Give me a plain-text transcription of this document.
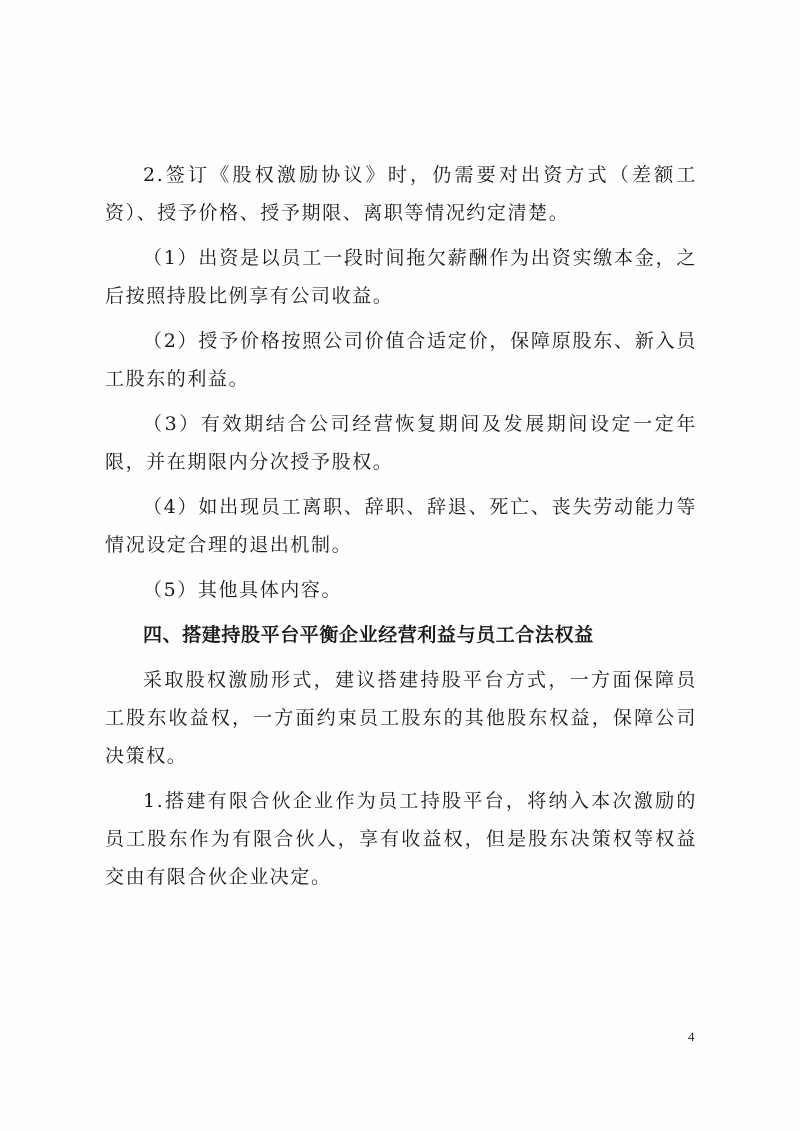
2.签订《股权激励协议》时，仍需要对出资方式（差额工资）、授予价格、授予期限、离职等情况约定清楚。

（1）出资是以员工一段时间拖欠薪酬作为出资实缴本金，之后按照持股比例享有公司收益。

（2）授予价格按照公司价值合适定价，保障原股东、新入员工股东的利益。

（3）有效期结合公司经营恢复期间及发展期间设定一定年限，并在期限内分次授予股权。

（4）如出现员工离职、辞职、辞退、死亡、丧失劳动能力等情况设定合理的退出机制。

（5）其他具体内容。

四、搭建持股平台平衡企业经营利益与员工合法权益

采取股权激励形式，建议搭建持股平台方式，一方面保障员工股东收益权，一方面约束员工股东的其他股东权益，保障公司决策权。

1.搭建有限合伙企业作为员工持股平台，将纳入本次激励的员工股东作为有限合伙人，享有收益权，但是股东决策权等权益交由有限合伙企业决定。

4
